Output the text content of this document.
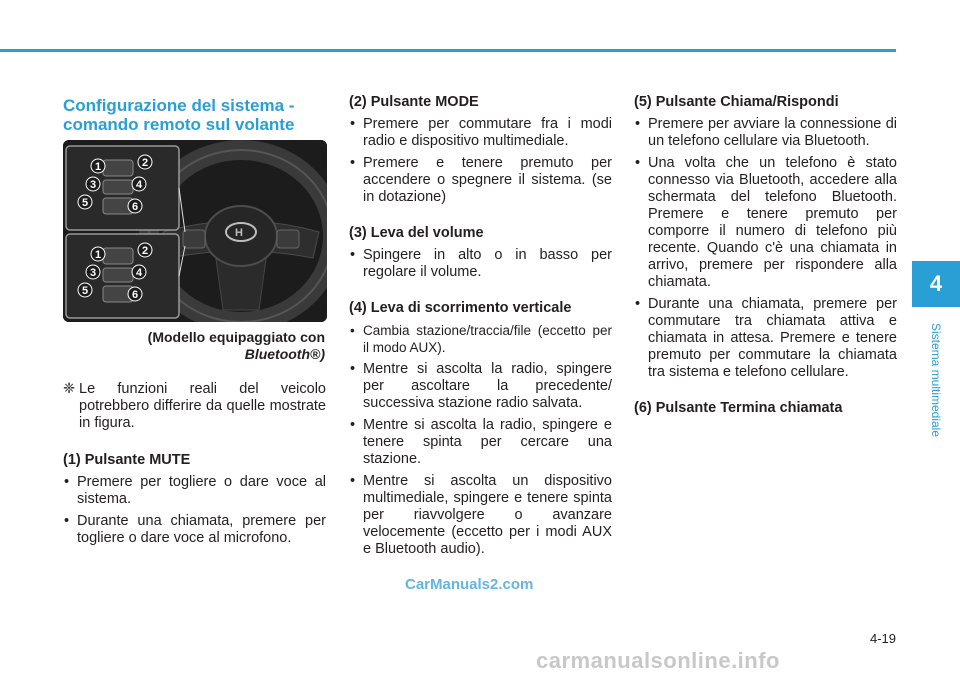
Configurazione del sistema - comando remoto sul volante
H
1	2
3	4
5	6
1	2
3	4
5	6
(Modello equipaggiato con
Bluetooth®)
❈ Le funzioni reali del veicolo potrebbero differire da quelle mostrate in figura.
(1) Pulsante MUTE
• Premere per togliere o dare voce al sistema.
• Durante una chiamata, premere per togliere o dare voce al microfono.
(2) Pulsante MODE
• Premere per commutare fra i modi radio e dispositivo multimediale.
• Premere e tenere premuto per accendere o spegnere il sistema. (se in dotazione)
(3) Leva del volume
• Spingere in alto o in basso per regolare il volume.
(4) Leva di scorrimento verticale
• Cambia stazione/traccia/file (eccetto per il modo AUX).
• Mentre si ascolta la radio, spingere per ascoltare la precedente/ successiva stazione radio salvata.
• Mentre si ascolta la radio, spingere e tenere spinta per cercare una stazione.
• Mentre si ascolta un dispositivo multimediale, spingere e tenere spinta per riavvolgere o avanzare velocemente (eccetto per i modi AUX e Bluetooth audio).
(5) Pulsante Chiama/Rispondi
• Premere per avviare la connessione di un telefono cellulare via Bluetooth.
• Una volta che un telefono è stato connesso via Bluetooth, accedere alla schermata del telefono Bluetooth. Premere e tenere premuto per comporre il numero di telefono più recente. Quando c'è una chiamata in arrivo, premere per rispondere alla chiamata.
• Durante una chiamata, premere per commutare tra chiamata attiva e chiamata in attesa. Premere e tenere premuto per commutare la chiamata tra sistema e telefono cellulare.
(6) Pulsante Termina chiamata
4
Sistema multimediale
4-19
CarManuals2.com
carmanualsonline.info
